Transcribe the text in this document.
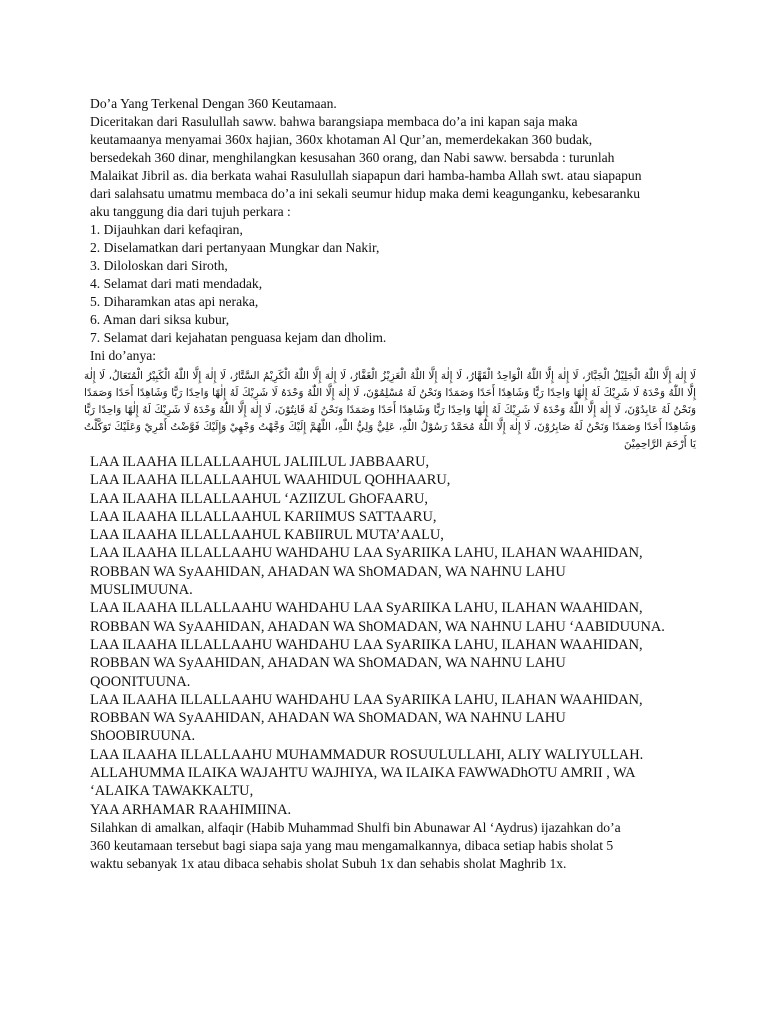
Do’a Yang Terkenal Dengan 360 Keutamaan.

Diceritakan dari Rasulullah saww. bahwa barangsiapa membaca do’a ini kapan saja maka

keutamaanya menyamai 360x hajian, 360x khotaman Al Qur’an, memerdekakan 360 budak,

bersedekah 360 dinar, menghilangkan kesusahan 360 orang, dan Nabi saww. bersabda : turunlah

Malaikat Jibril as. dia berkata wahai Rasulullah siapapun dari hamba-hamba Allah swt. atau siapapun

dari salahsatu umatmu membaca do’a ini sekali seumur hidup maka demi keagunganku, kebesaranku

aku tanggung dia dari tujuh perkara :

1. Dijauhkan dari kefaqiran,

2. Diselamatkan dari pertanyaan Mungkar dan Nakir,

3. Diloloskan dari Siroth,

4. Selamat dari mati mendadak,

5. Diharamkan atas api neraka,

6. Aman dari siksa kubur,

7. Selamat dari kejahatan penguasa kejam dan dholim.

Ini do’anya:

لَا إِلٰهَ إِلَّا اللّٰهُ الْجَلِيْلُ الْجَبَّارُ، لَا إِلٰهَ إِلَّا اللّٰهُ الْوَاحِدُ الْقَهَّارُ، لَا إِلٰهَ إِلَّا اللّٰهُ الْعَزِيْزُ الْغَفَّارُ، لَا إِلٰهَ إِلَّا اللّٰهُ الْكَرِيْمُ السَّتَّارُ، لَا إِلٰهَ إِلَّا اللّٰهُ الْكَبِيْرُ الْمُتَعَالُ، لَا إِلٰهَ إِلَّا اللّٰهُ وَحْدَهُ لَا شَرِيْكَ لَهُ إِلٰهًا وَاحِدًا رَبًّا وَشَاهِدًا أَحَدًا وَصَمَدًا وَنَحْنُ لَهُ مُسْلِمُوْنَ، لَا إِلٰهَ إِلَّا اللّٰهُ وَحْدَهُ لَا شَرِيْكَ لَهُ إِلٰهًا وَاحِدًا رَبًّا وَشَاهِدًا أَحَدًا وَصَمَدًا وَنَحْنُ لَهُ عَابِدُوْنَ، لَا إِلٰهَ إِلَّا اللّٰهُ وَحْدَهُ لَا شَرِيْكَ لَهُ إِلٰهًا وَاحِدًا رَبًّا وَشَاهِدًا أَحَدًا وَصَمَدًا وَنَحْنُ لَهُ قَانِتُوْنَ، لَا إِلٰهَ إِلَّا اللّٰهُ وَحْدَهُ لَا شَرِيْكَ لَهُ إِلٰهًا وَاحِدًا رَبًّا وَشَاهِدًا أَحَدًا وَصَمَدًا وَنَحْنُ لَهُ صَابِرُوْنَ، لَا إِلٰهَ إِلَّا اللّٰهُ مُحَمَّدٌ رَسُوْلُ اللّٰهِ، عَلِيٌّ وَلِيُّ اللّٰهِ، اللّٰهُمَّ إِلَيْكَ وَجَّهْتُ وَجْهِيْ وَإِلَيْكَ فَوَّضْتُ أَمْرِيْ وَعَلَيْكَ تَوَكَّلْتُ يَا أَرْحَمَ الرَّاحِمِيْنَ

LAA ILAAHA ILLALLAAHUL JALIILUL JABBAARU,

LAA ILAAHA ILLALLAAHUL WAAHIDUL QOHHAARU,

LAA ILAAHA ILLALLAAHUL ‘AZIIZUL GhOFAARU,

LAA ILAAHA ILLALLAAHUL KARIIMUS SATTAARU,

LAA ILAAHA ILLALLAAHUL KABIIRUL MUTA’AALU,

LAA ILAAHA ILLALLAAHU WAHDAHU LAA SyARIIKA LAHU, ILAHAN WAAHIDAN,

ROBBAN WA SyAAHIDAN, AHADAN WA ShOMADAN, WA NAHNU LAHU

MUSLIMUUNA.

LAA ILAAHA ILLALLAAHU WAHDAHU LAA SyARIIKA LAHU, ILAHAN WAAHIDAN,

ROBBAN WA SyAAHIDAN, AHADAN WA ShOMADAN, WA NAHNU LAHU ‘AABIDUUNA.

LAA ILAAHA ILLALLAAHU WAHDAHU LAA SyARIIKA LAHU, ILAHAN WAAHIDAN,

ROBBAN WA SyAAHIDAN, AHADAN WA ShOMADAN, WA NAHNU LAHU

QOONITUUNA.

LAA ILAAHA ILLALLAAHU WAHDAHU LAA SyARIIKA LAHU, ILAHAN WAAHIDAN,

ROBBAN WA SyAAHIDAN, AHADAN WA ShOMADAN, WA NAHNU LAHU

ShOOBIRUUNA.

LAA ILAAHA ILLALLAAHU MUHAMMADUR ROSUULULLAHI, ALIY WALIYULLAH.

ALLAHUMMA ILAIKA WAJAHTU WAJHIYA, WA ILAIKA FAWWADhOTU AMRII , WA

‘ALAIKA TAWAKKALTU,

YAA ARHAMAR RAAHIMIINA.

Silahkan di amalkan, alfaqir (Habib Muhammad Shulfi bin Abunawar Al ‘Aydrus) ijazahkan do’a

360 keutamaan tersebut bagi siapa saja yang mau mengamalkannya, dibaca setiap habis sholat 5

waktu sebanyak 1x atau dibaca sehabis sholat Subuh 1x dan sehabis sholat Maghrib 1x.
